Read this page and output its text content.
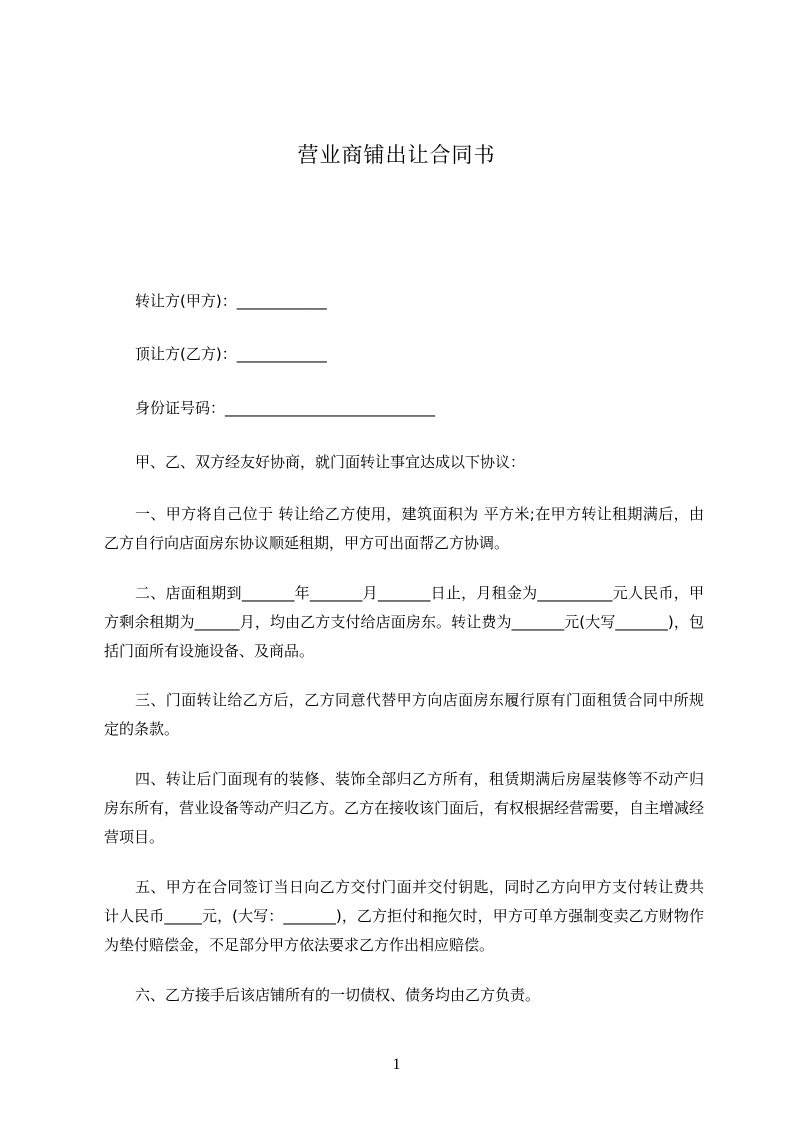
营业商铺出让合同书

转让方(甲方)：____________

顶让方(乙方)：____________

身份证号码：____________________________

甲、乙、双方经友好协商，就门面转让事宜达成以下协议：

一、甲方将自己位于 转让给乙方使用，建筑面积为 平方米;在甲方转让租期满后，由乙方自行向店面房东协议顺延租期，甲方可出面帮乙方协调。

二、店面租期到_______年_______月_______日止，月租金为__________元人民币，甲方剩余租期为______月，均由乙方支付给店面房东。转让费为_______元(大写_______)，包括门面所有设施设备、及商品。

三、门面转让给乙方后，乙方同意代替甲方向店面房东履行原有门面租赁合同中所规定的条款。

四、转让后门面现有的装修、装饰全部归乙方所有，租赁期满后房屋装修等不动产归房东所有，营业设备等动产归乙方。乙方在接收该门面后，有权根据经营需要，自主增减经营项目。

五、甲方在合同签订当日向乙方交付门面并交付钥匙，同时乙方向甲方支付转让费共计人民币_____元，(大写：_______)，乙方拒付和拖欠时，甲方可单方强制变卖乙方财物作为垫付赔偿金，不足部分甲方依法要求乙方作出相应赔偿。

六、乙方接手后该店铺所有的一切债权、债务均由乙方负责。

1
